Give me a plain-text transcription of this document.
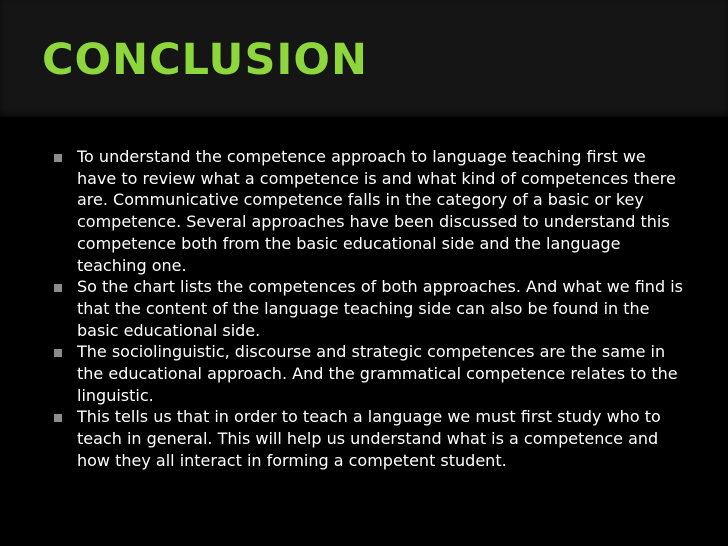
CONCLUSION
To understand the competence approach to language teaching first we have to review what a competence is and what kind of competences there are. Communicative competence falls in the category of a basic or key competence. Several approaches have been discussed to understand this competence both from the basic educational side and the language teaching one.
So the chart lists the competences of both approaches. And what we find is that the content of the language teaching side can also be found in the basic educational side.
The sociolinguistic, discourse and strategic competences are the same in the educational approach. And the grammatical competence relates to the linguistic.
This tells us that in order to teach a language we must first study who to teach in general. This will help us understand what is a competence and how they all interact in forming a competent student.
